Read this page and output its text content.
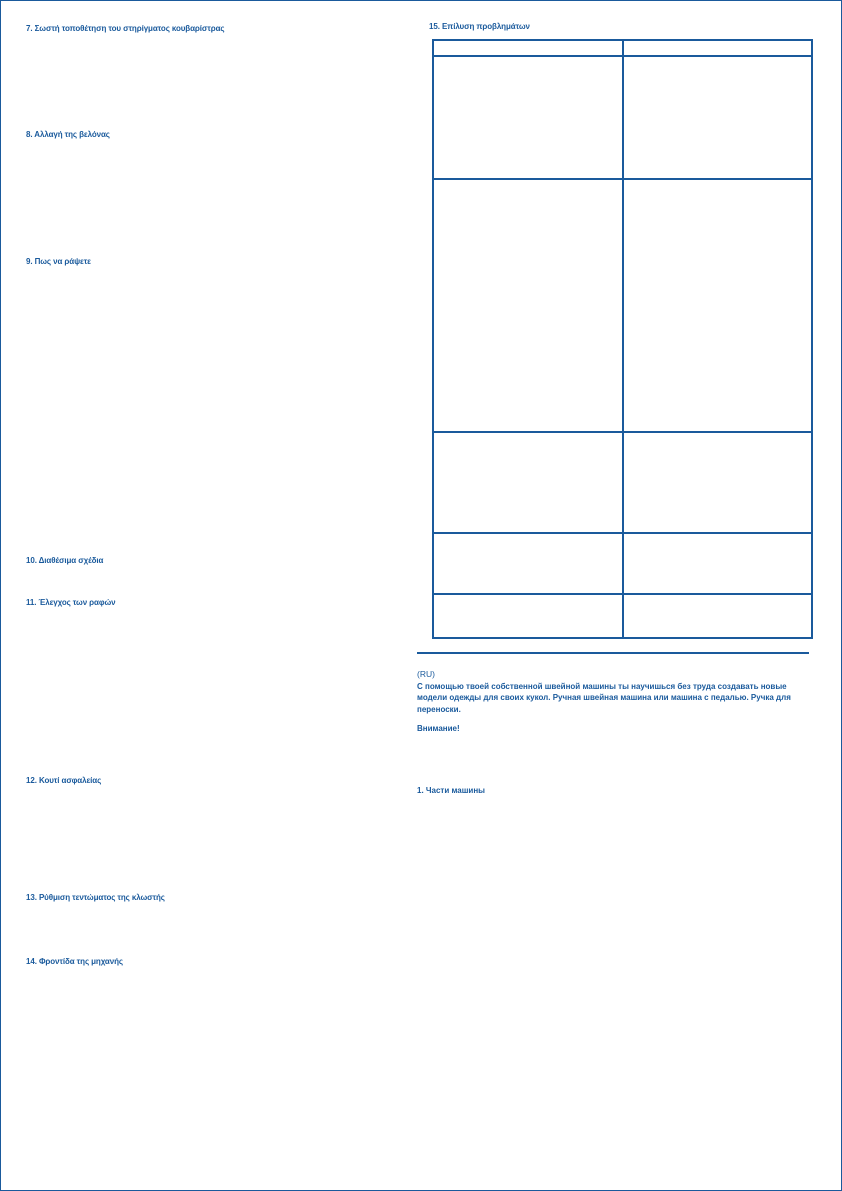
7. Σωστή τοποθέτηση του στηρίγματος κουβαρίστρας
8. Αλλαγή της βελόνας
9. Πως να ράψετε
10. Διαθέσιμα σχέδια
11. Έλεγχος των ραφών
12. Κουτί ασφαλείας
13. Ρύθμιση τεντώματος της κλωστής
14. Φροντίδα της μηχανής
15. Επίλυση προβλημάτων
(RU)
С помощью твоей собственной швейной машины ты научишься без труда создавать новые модели одежды для своих кукол. Ручная швейная машина или машина с педалью. Ручка для переноски.
Внимание!
1. Части машины
